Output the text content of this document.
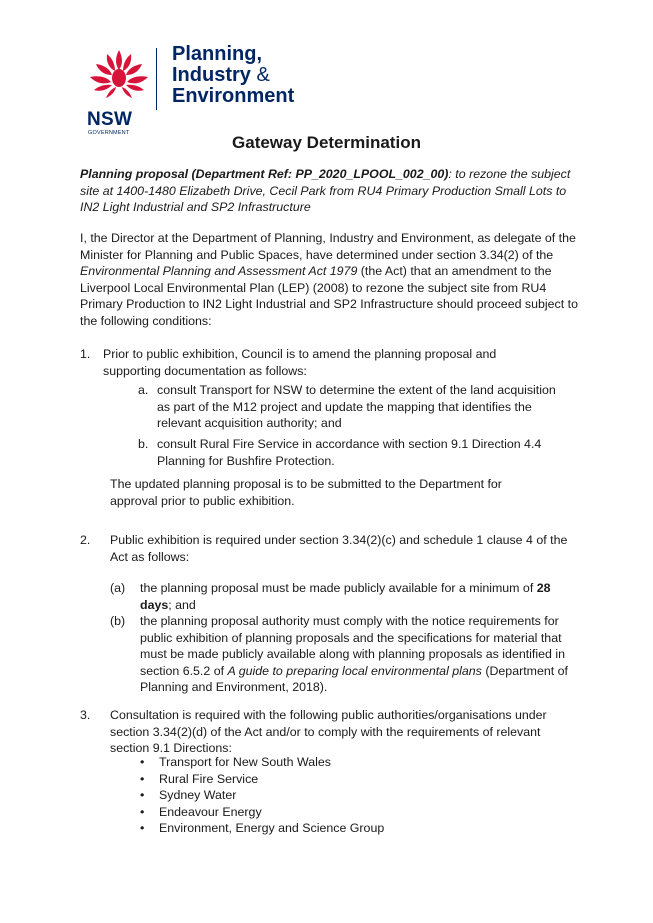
NSW
GOVERNMENT
Planning,
Industry &
Environment
Gateway Determination
Planning proposal (Department Ref: PP_2020_LPOOL_002_00): to rezone the subject site at 1400-1480 Elizabeth Drive, Cecil Park from RU4 Primary Production Small Lots to IN2 Light Industrial and SP2 Infrastructure
I, the Director at the Department of Planning, Industry and Environment, as delegate of the Minister for Planning and Public Spaces, have determined under section 3.34(2) of the Environmental Planning and Assessment Act 1979 (the Act) that an amendment to the Liverpool Local Environmental Plan (LEP) (2008) to rezone the subject site from RU4 Primary Production to IN2 Light Industrial and SP2 Infrastructure should proceed subject to the following conditions:
1. Prior to public exhibition, Council is to amend the planning proposal and supporting documentation as follows:
a. consult Transport for NSW to determine the extent of the land acquisition as part of the M12 project and update the mapping that identifies the relevant acquisition authority; and
b. consult Rural Fire Service in accordance with section 9.1 Direction 4.4 Planning for Bushfire Protection.
The updated planning proposal is to be submitted to the Department for approval prior to public exhibition.
2. Public exhibition is required under section 3.34(2)(c) and schedule 1 clause 4 of the Act as follows:
(a) the planning proposal must be made publicly available for a minimum of 28 days; and
(b) the planning proposal authority must comply with the notice requirements for public exhibition of planning proposals and the specifications for material that must be made publicly available along with planning proposals as identified in section 6.5.2 of A guide to preparing local environmental plans (Department of Planning and Environment, 2018).
3. Consultation is required with the following public authorities/organisations under section 3.34(2)(d) of the Act and/or to comply with the requirements of relevant section 9.1 Directions:
• Transport for New South Wales
• Rural Fire Service
• Sydney Water
• Endeavour Energy
• Environment, Energy and Science Group
